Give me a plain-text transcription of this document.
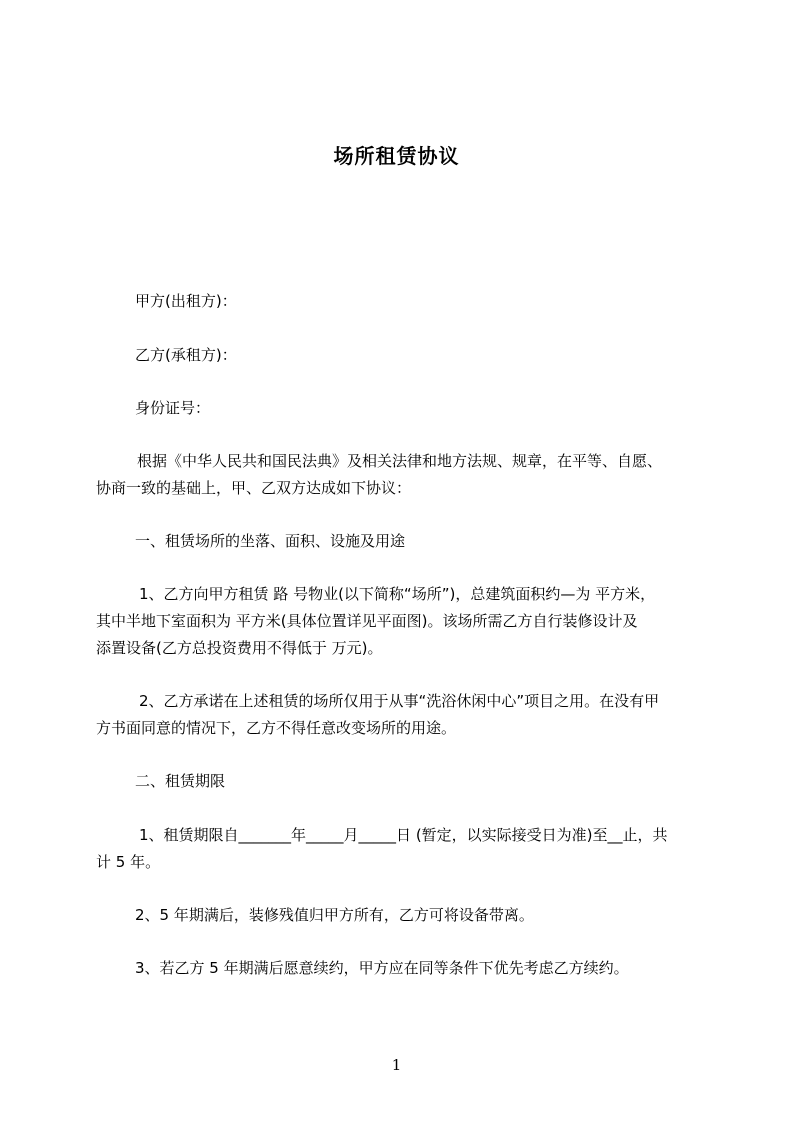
场所租赁协议
甲方(出租方)：
乙方(承租方)：
身份证号：
根据《中华人民共和国民法典》及相关法律和地方法规、规章，在平等、自愿、
协商一致的基础上，甲、乙双方达成如下协议：
一、租赁场所的坐落、面积、设施及用途
1、乙方向甲方租赁 路 号物业(以下简称“场所”)，总建筑面积约—为 平方米，
其中半地下室面积为 平方米(具体位置详见平面图)。该场所需乙方自行装修设计及
添置设备(乙方总投资费用不得低于 万元)。
2、乙方承诺在上述租赁的场所仅用于从事“洗浴休闲中心”项目之用。在没有甲
方书面同意的情况下，乙方不得任意改变场所的用途。
二、租赁期限
1、租赁期限自_______年_____月_____日 (暂定，以实际接受日为准)至__止，共
计 5 年。
2、5 年期满后，装修残值归甲方所有，乙方可将设备带离。
3、若乙方 5 年期满后愿意续约，甲方应在同等条件下优先考虑乙方续约。
1
